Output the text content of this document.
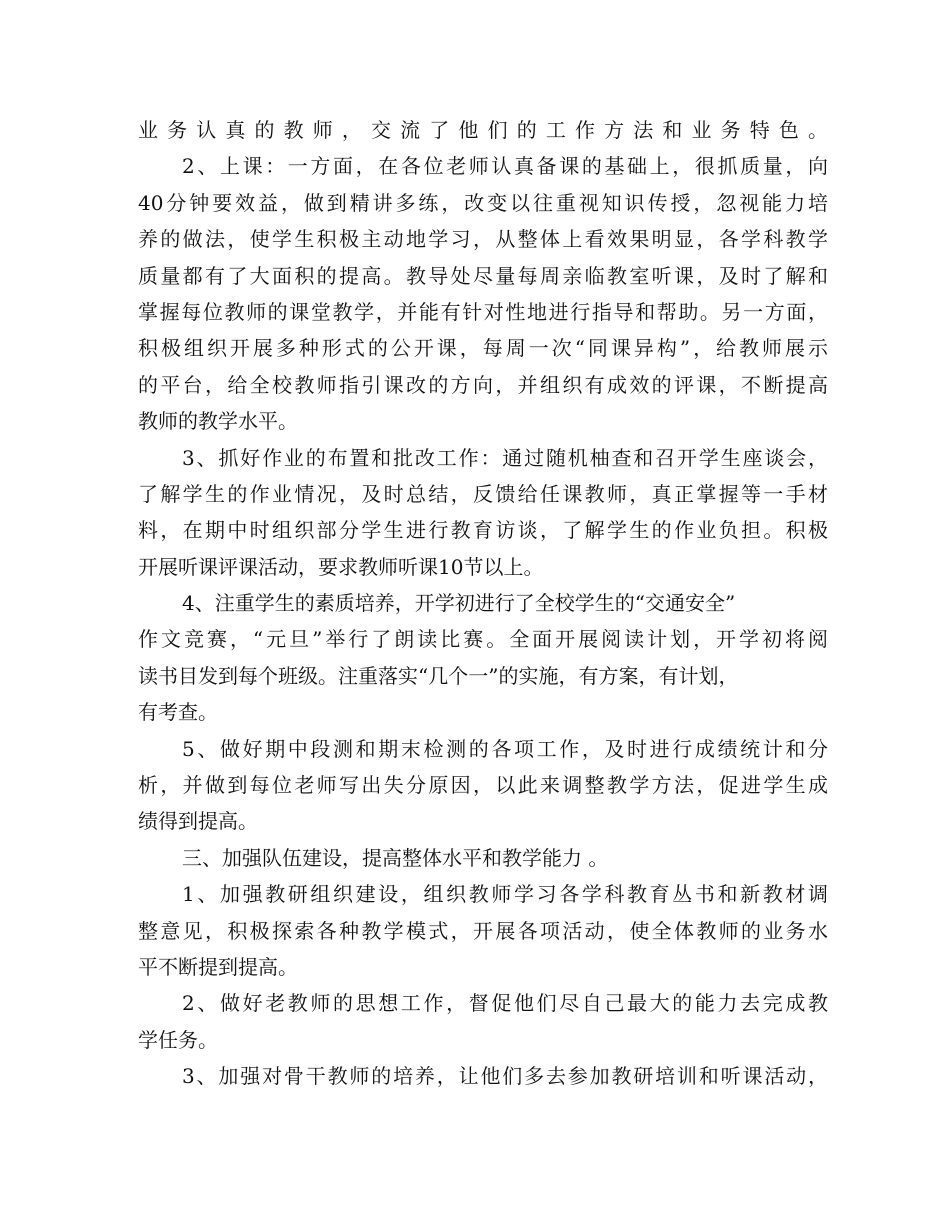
业务认真的教师，交流了他们的工作方法和业务特色。
2、上课：一方面，在各位老师认真备课的基础上，很抓质量，向
40分钟要效益，做到精讲多练，改变以往重视知识传授，忽视能力培
养的做法，使学生积极主动地学习，从整体上看效果明显，各学科教学
质量都有了大面积的提高。教导处尽量每周亲临教室听课，及时了解和
掌握每位教师的课堂教学，并能有针对性地进行指导和帮助。另一方面，
积极组织开展多种形式的公开课，每周一次“同课异构”，给教师展示
的平台，给全校教师指引课改的方向，并组织有成效的评课，不断提高
教师的教学水平。
3、抓好作业的布置和批改工作：通过随机柚查和召开学生座谈会，
了解学生的作业情况，及时总结，反馈给任课教师，真正掌握等一手材
料，在期中时组织部分学生进行教育访谈，了解学生的作业负担。积极
开展听课评课活动，要求教师听课10节以上。
4、注重学生的素质培养，开学初进行了全校学生的“交通安全”
作文竞赛，“元旦”举行了朗读比赛。全面开展阅读计划，开学初将阅
读书目发到每个班级。注重落实“几个一”的实施，有方案，有计划，
有考查。
5、做好期中段测和期末检测的各项工作，及时进行成绩统计和分
析，并做到每位老师写出失分原因，以此来调整教学方法，促进学生成
绩得到提高。
三、加强队伍建设，提高整体水平和教学能力 。
1、加强教研组织建设，组织教师学习各学科教育丛书和新教材调
整意见，积极探索各种教学模式，开展各项活动，使全体教师的业务水
平不断提到提高。
2、做好老教师的思想工作，督促他们尽自己最大的能力去完成教
学任务。
3、加强对骨干教师的培养，让他们多去参加教研培训和听课活动，
